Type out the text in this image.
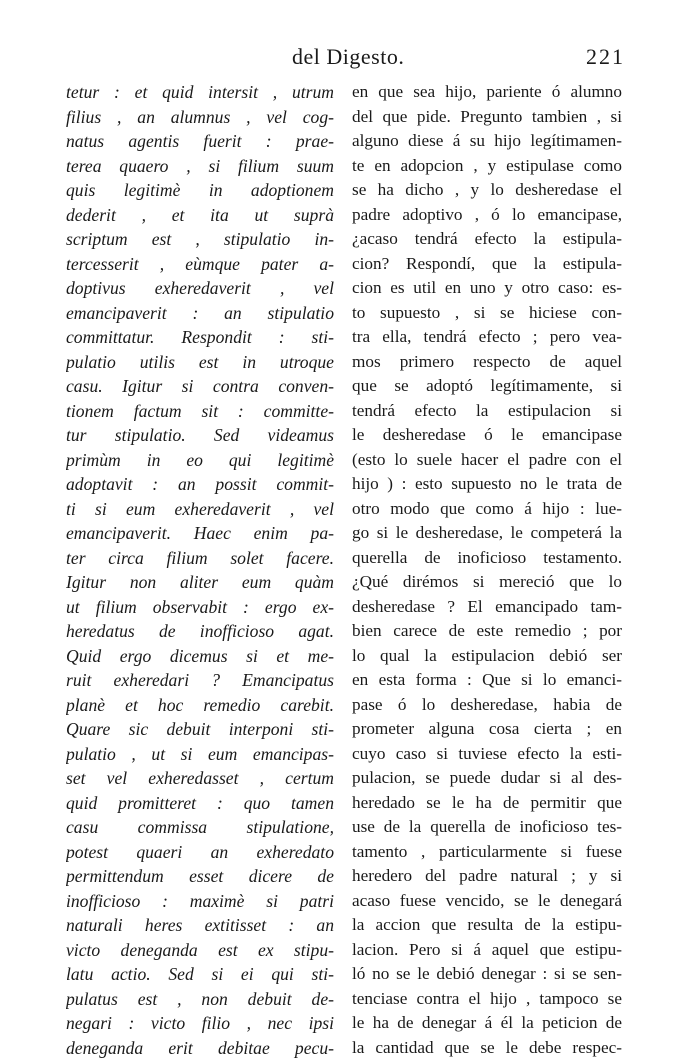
del Digesto.	221
tetur : et quid intersit , utrum
filius , an alumnus , vel cog-
natus agentis fuerit : prae-
terea quaero , si filium suum
quis legitimè in adoptionem
dederit , et ita ut suprà
scriptum est , stipulatio in-
tercesserit , eùmque pater a-
doptivus exheredaverit , vel
emancipaverit : an stipulatio
committatur. Respondit : sti-
pulatio utilis est in utroque
casu. Igitur si contra conven-
tionem factum sit : committe-
tur stipulatio. Sed videamus
primùm in eo qui legitimè
adoptavit : an possit commit-
ti si eum exheredaverit , vel
emancipaverit. Haec enim pa-
ter circa filium solet facere.
Igitur non aliter eum quàm
ut filium observabit : ergo ex-
heredatus de inofficioso agat.
Quid ergo dicemus si et me-
ruit exheredari ? Emancipatus
planè et hoc remedio carebit.
Quare sic debuit interponi sti-
pulatio , ut si eum emancipas-
set vel exheredasset , certum
quid promitteret : quo tamen
casu commissa stipulatione,
potest quaeri an exheredato
permittendum esset dicere de
inofficioso : maximè si patri
naturali heres extitisset : an
victo deneganda est ex stipu-
latu actio. Sed si ei qui sti-
pulatus est , non debuit de-
negari : victo filio , nec ipsi
deneganda erit debitae pecu-
en que sea hijo, pariente ó alumno
del que pide. Pregunto tambien , si
alguno diese á su hijo legítimamen-
te en adopcion , y estipulase como
se ha dicho , y lo desheredase el
padre adoptivo , ó lo emancipase,
¿acaso tendrá efecto la estipula-
cion? Respondí, que la estipula-
cion es util en uno y otro caso: es-
to supuesto , si se hiciese con-
tra ella, tendrá efecto ; pero vea-
mos primero respecto de aquel
que se adoptó legítimamente, si
tendrá efecto la estipulacion si
le desheredase ó le emancipase
(esto lo suele hacer el padre con el
hijo ) : esto supuesto no le trata de
otro modo que como á hijo : lue-
go si le desheredase, le competerá la
querella de inoficioso testamento.
¿Qué dirémos si mereció que lo
desheredase ? El emancipado tam-
bien carece de este remedio ; por
lo qual la estipulacion debió ser
en esta forma : Que si lo emanci-
pase ó lo desheredase, habia de
prometer alguna cosa cierta ; en
cuyo caso si tuviese efecto la esti-
pulacion, se puede dudar si al des-
heredado se le ha de permitir que
use de la querella de inoficioso tes-
tamento , particularmente si fuese
heredero del padre natural ; y si
acaso fuese vencido, se le denegará
la accion que resulta de la estipu-
lacion. Pero si á aquel que estipu-
ló no se le debió denegar : si se sen-
tenciase contra el hijo , tampoco se
le ha de denegar á él la peticion de
la cantidad que se le debe respec-
